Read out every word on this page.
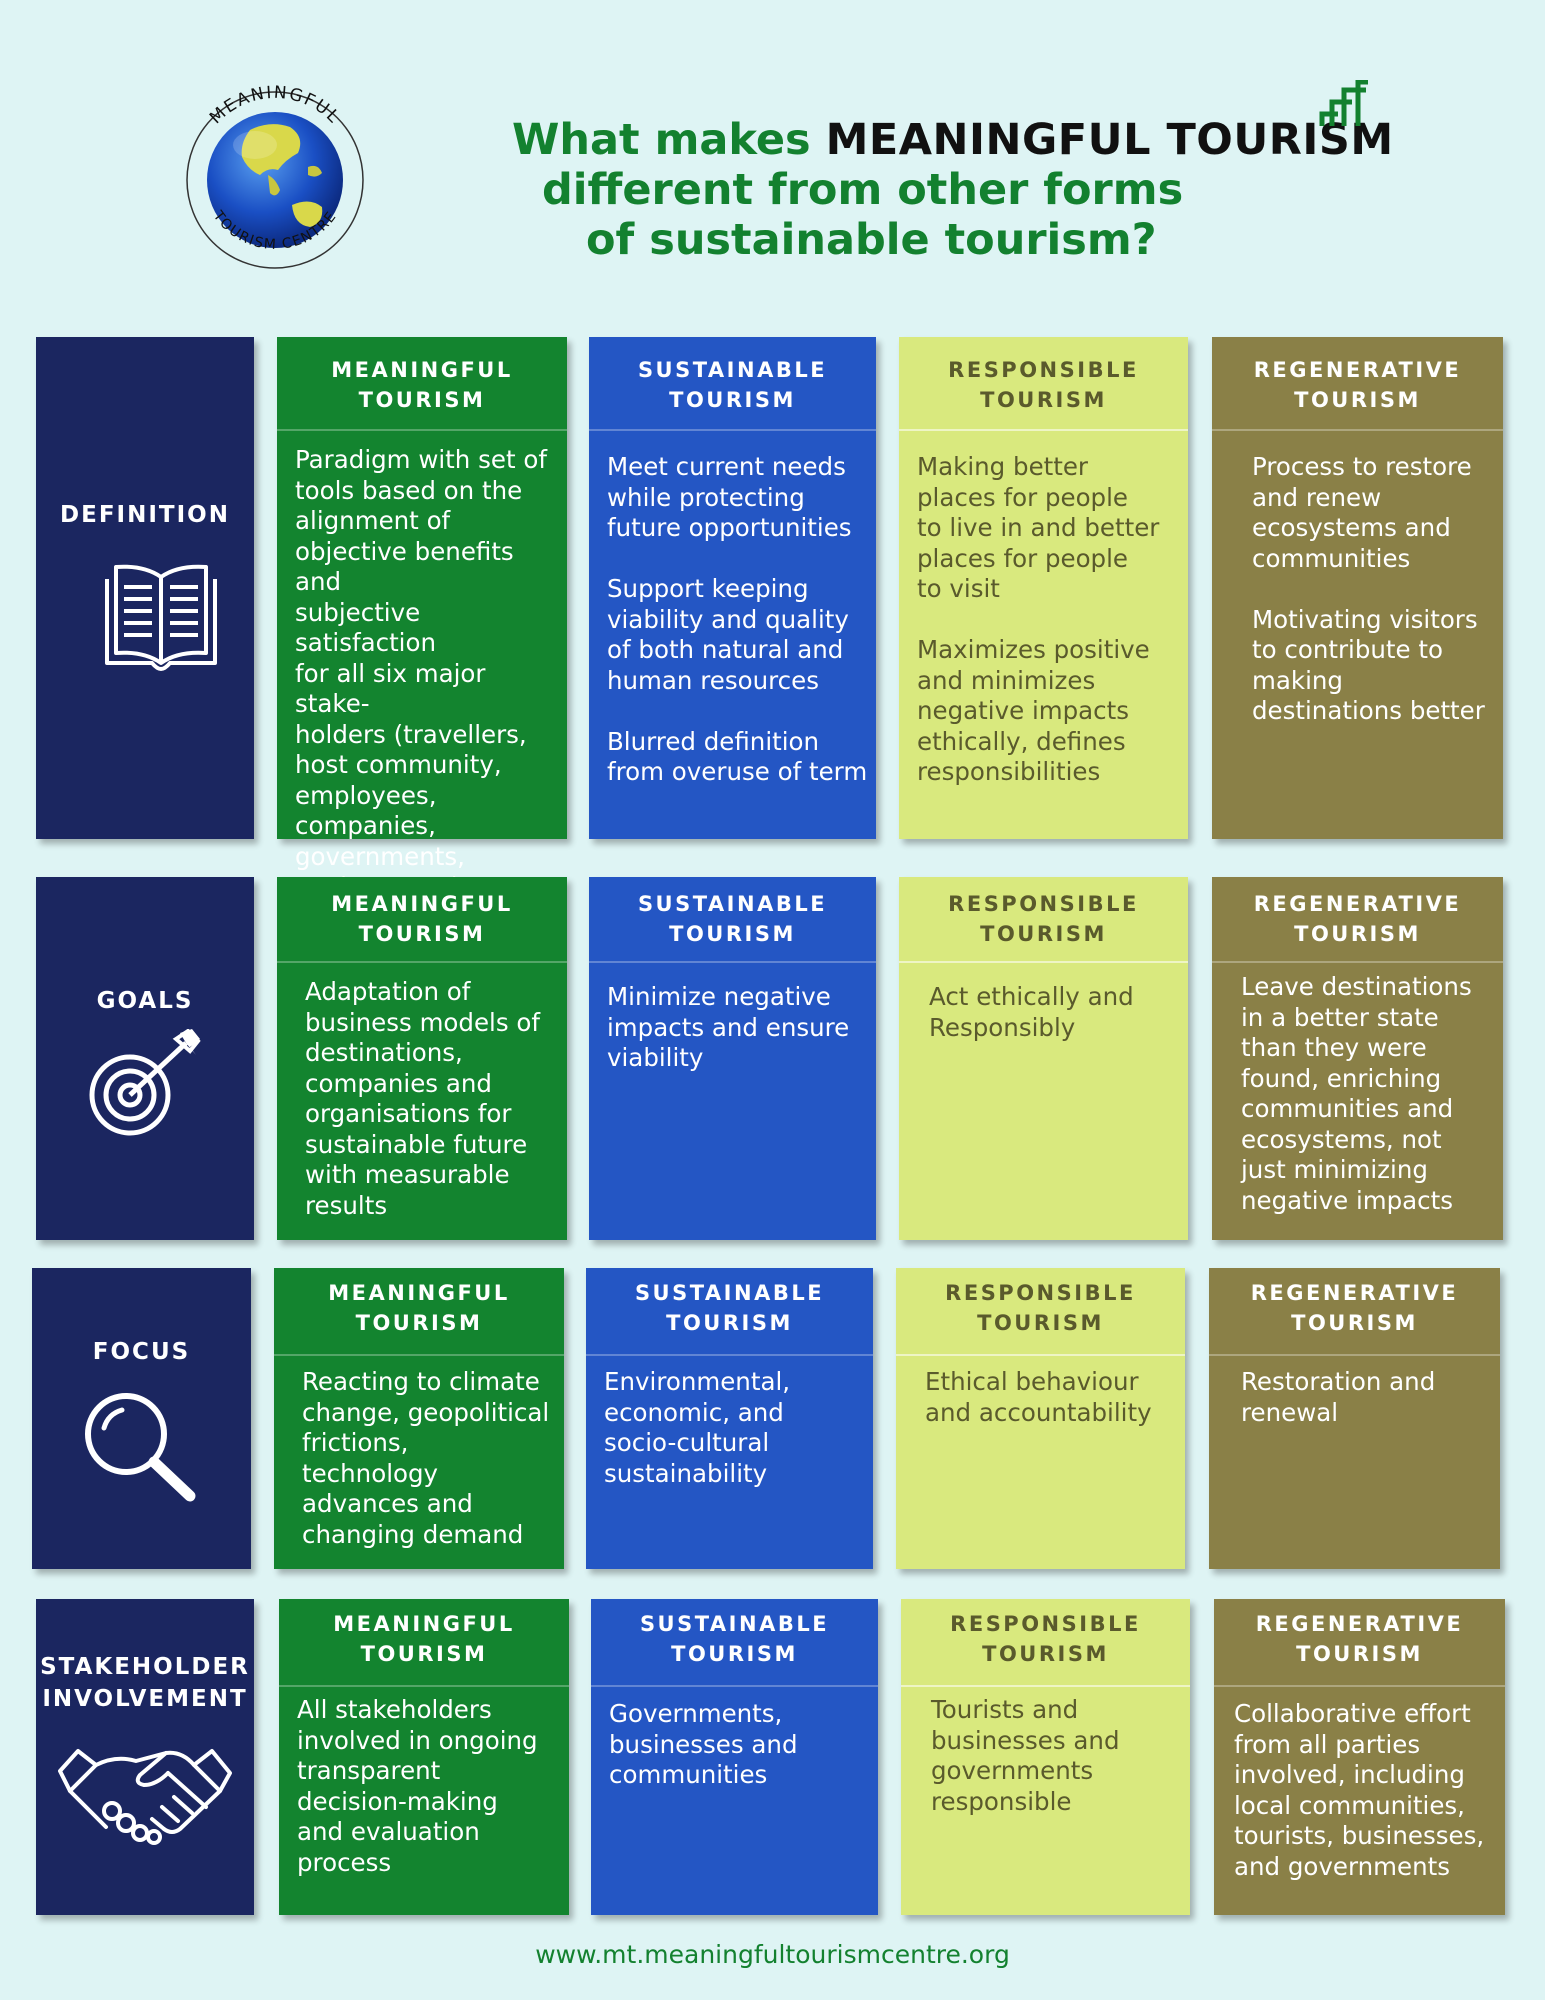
MEANINGFUL
TOURISM CENTRE
What makes MEANINGFUL TOURISM
different from other forms
of sustainable tourism?
DEFINITION
MEANINGFUL
TOURISM
Paradigm with set of
tools based on the
alignment of
objective benefits and
subjective satisfaction
for all six major stake-
holders (travellers,
host community,
employees,
companies,
governments,

SUSTAINABLE
TOURISM
Meet current needs
while protecting
future opportunities

Support keeping
viability and quality
of both natural and
human resources

Blurred definition
from overuse of term
RESPONSIBLE
TOURISM
Making better
places for people
to live in and better
places for people
to visit

Maximizes positive
and minimizes
negative impacts
ethically, defines
responsibilities
REGENERATIVE
TOURISM
Process to restore
and renew
ecosystems and
communities

Motivating visitors
to contribute to
making
destinations better
GOALS
MEANINGFUL
TOURISM
Adaptation of
business models of
destinations,
companies and
organisations for
sustainable future
with measurable
results
SUSTAINABLE
TOURISM
Minimize negative
impacts and ensure
viability
RESPONSIBLE
TOURISM
Act ethically and
Responsibly
REGENERATIVE
TOURISM
Leave destinations
in a better state
than they were
found, enriching
communities and
ecosystems, not
just minimizing
negative impacts
FOCUS
MEANINGFUL
TOURISM
Reacting to climate
change, geopolitical
frictions,
technology
advances and
changing demand
SUSTAINABLE
TOURISM
Environmental,
economic, and
socio-cultural
sustainability
RESPONSIBLE
TOURISM
Ethical behaviour
and accountability
REGENERATIVE
TOURISM
Restoration and
renewal
STAKEHOLDER
INVOLVEMENT
MEANINGFUL
TOURISM
All stakeholders
involved in ongoing
transparent
decision-making
and evaluation
process
SUSTAINABLE
TOURISM
Governments,
businesses and
communities
RESPONSIBLE
TOURISM
Tourists and
businesses and
governments
responsible
REGENERATIVE
TOURISM
Collaborative effort
from all parties
involved, including
local communities,
tourists, businesses,
and governments
www.mt.meaningfultourismcentre.org
